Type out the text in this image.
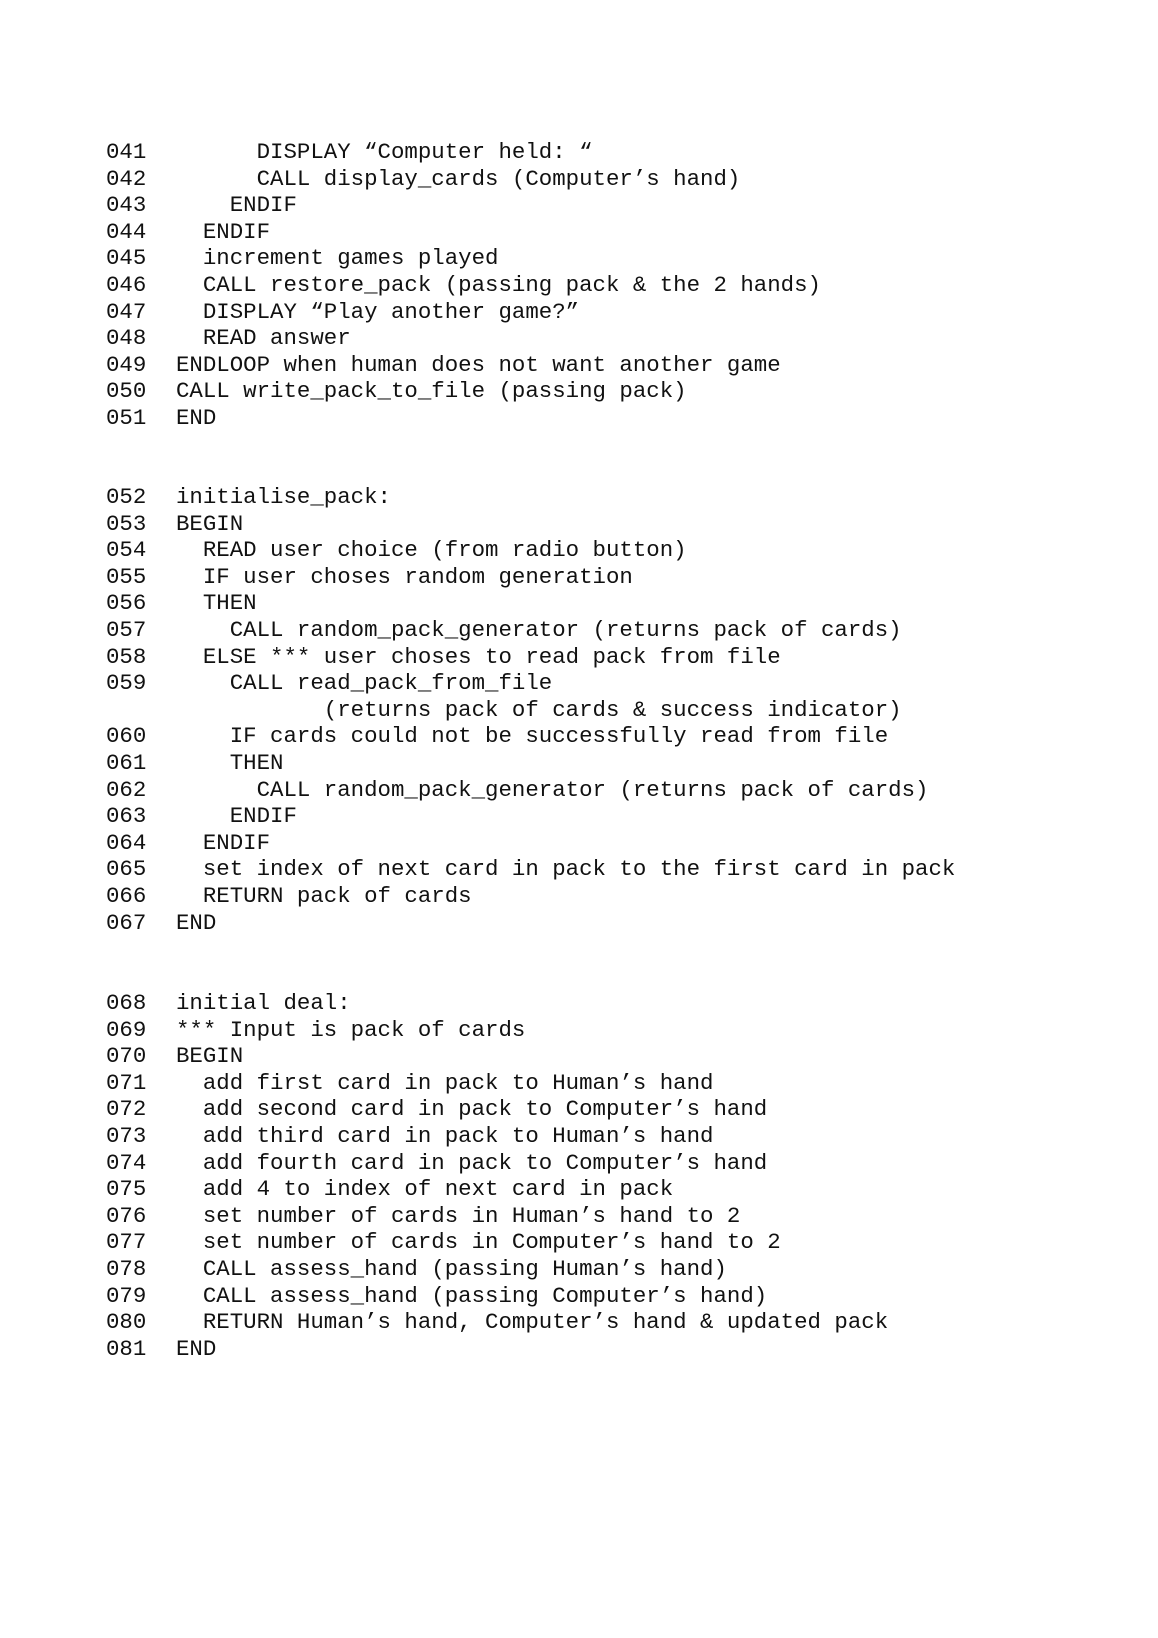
041      DISPLAY “Computer held: “
042      CALL display_cards (Computer’s hand)
043    ENDIF
044  ENDIF
045  increment games played
046  CALL restore_pack (passing pack & the 2 hands)
047  DISPLAY “Play another game?”
048  READ answer
049 ENDLOOP when human does not want another game
050 CALL write_pack_to_file (passing pack)
051 END
052 initialise_pack:
053 BEGIN
054  READ user choice (from radio button)
055  IF user choses random generation
056  THEN
057    CALL random_pack_generator (returns pack of cards)
058  ELSE *** user choses to read pack from file
059    CALL read_pack_from_file
(returns pack of cards & success indicator)
060    IF cards could not be successfully read from file
061    THEN
062      CALL random_pack_generator (returns pack of cards)
063    ENDIF
064  ENDIF
065  set index of next card in pack to the first card in pack
066  RETURN pack of cards
067 END
068 initial deal:
069 *** Input is pack of cards
070 BEGIN
071  add first card in pack to Human’s hand
072  add second card in pack to Computer’s hand
073  add third card in pack to Human’s hand
074  add fourth card in pack to Computer’s hand
075  add 4 to index of next card in pack
076  set number of cards in Human’s hand to 2
077  set number of cards in Computer’s hand to 2
078  CALL assess_hand (passing Human’s hand)
079  CALL assess_hand (passing Computer’s hand)
080  RETURN Human’s hand, Computer’s hand & updated pack
081 END
